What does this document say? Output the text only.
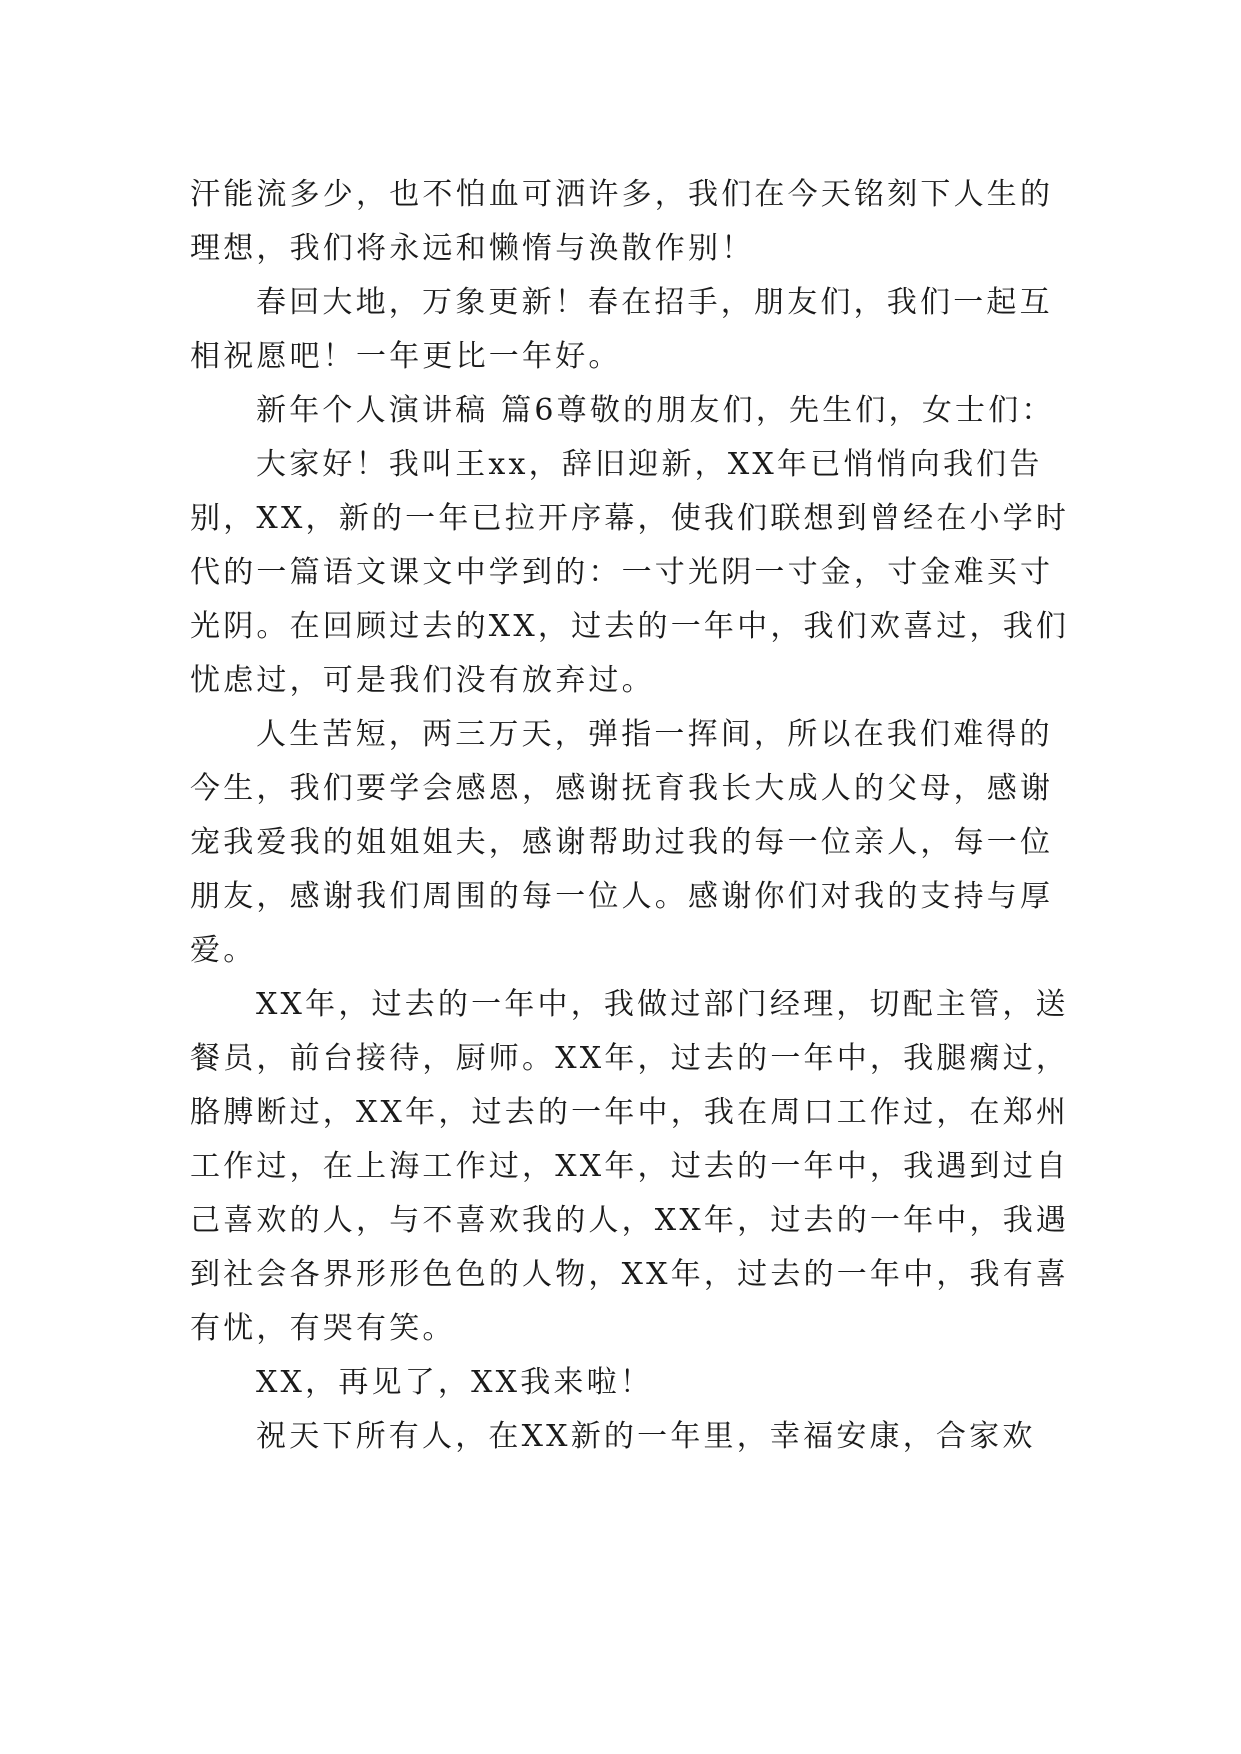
汗能流多少，也不怕血可洒许多，我们在今天铭刻下人生的

理想，我们将永远和懒惰与涣散作别！

春回大地，万象更新！春在招手，朋友们，我们一起互

相祝愿吧！一年更比一年好。

新年个人演讲稿 篇6尊敬的朋友们，先生们，女士们：

大家好！我叫王xx，辞旧迎新，XX年已悄悄向我们告

别，XX，新的一年已拉开序幕，使我们联想到曾经在小学时

代的一篇语文课文中学到的：一寸光阴一寸金，寸金难买寸

光阴。在回顾过去的XX，过去的一年中，我们欢喜过，我们

忧虑过，可是我们没有放弃过。

人生苦短，两三万天，弹指一挥间，所以在我们难得的

今生，我们要学会感恩，感谢抚育我长大成人的父母，感谢

宠我爱我的姐姐姐夫，感谢帮助过我的每一位亲人，每一位

朋友，感谢我们周围的每一位人。感谢你们对我的支持与厚

爱。

XX年，过去的一年中，我做过部门经理，切配主管，送

餐员，前台接待，厨师。XX年，过去的一年中，我腿瘸过，

胳膊断过，XX年，过去的一年中，我在周口工作过，在郑州

工作过，在上海工作过，XX年，过去的一年中，我遇到过自

己喜欢的人，与不喜欢我的人，XX年，过去的一年中，我遇

到社会各界形形色色的人物，XX年，过去的一年中，我有喜

有忧，有哭有笑。

XX，再见了，XX我来啦！

祝天下所有人，在XX新的一年里，幸福安康，合家欢
